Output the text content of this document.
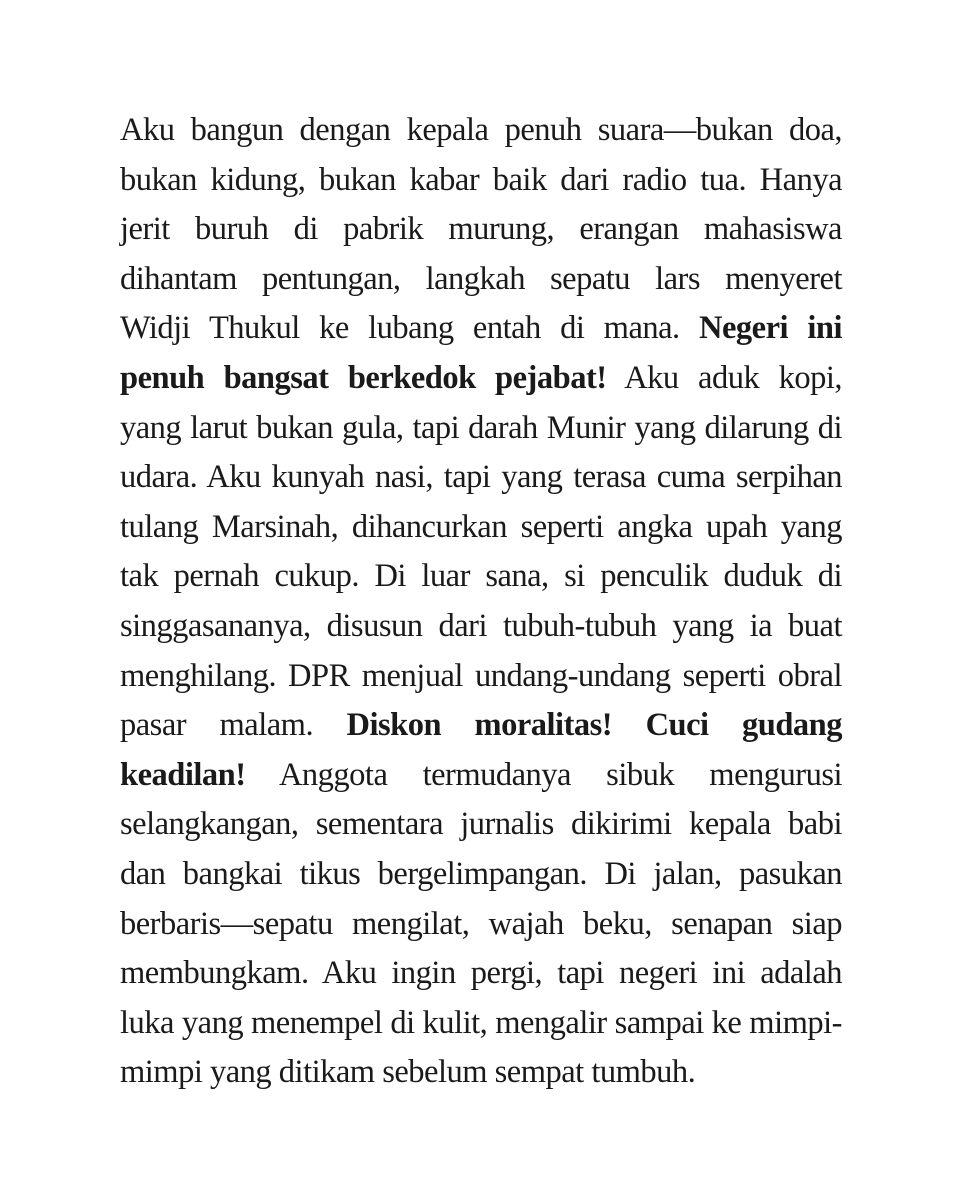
Aku bangun dengan kepala penuh suara—bukan doa,
bukan kidung, bukan kabar baik dari radio tua. Hanya
jerit buruh di pabrik murung, erangan mahasiswa
dihantam pentungan, langkah sepatu lars menyeret
Widji Thukul ke lubang entah di mana. Negeri ini
penuh bangsat berkedok pejabat! Aku aduk kopi,
yang larut bukan gula, tapi darah Munir yang dilarung di
udara. Aku kunyah nasi, tapi yang terasa cuma serpihan
tulang Marsinah, dihancurkan seperti angka upah yang
tak pernah cukup. Di luar sana, si penculik duduk di
singgasananya, disusun dari tubuh-tubuh yang ia buat
menghilang. DPR menjual undang-undang seperti obral
pasar malam. Diskon moralitas! Cuci gudang
keadilan! Anggota termudanya sibuk mengurusi
selangkangan, sementara jurnalis dikirimi kepala babi
dan bangkai tikus bergelimpangan. Di jalan, pasukan
berbaris—sepatu mengilat, wajah beku, senapan siap
membungkam. Aku ingin pergi, tapi negeri ini adalah
luka yang menempel di kulit, mengalir sampai ke mimpi-
mimpi yang ditikam sebelum sempat tumbuh.
